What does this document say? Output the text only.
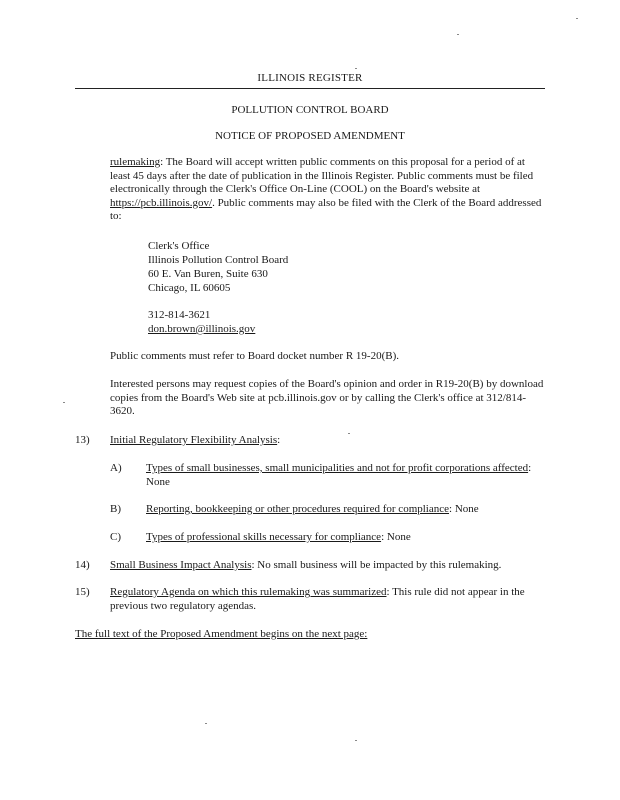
ILLINOIS REGISTER
POLLUTION CONTROL BOARD
NOTICE OF PROPOSED AMENDMENT
rulemaking: The Board will accept written public comments on this proposal for a period of at least 45 days after the date of publication in the Illinois Register. Public comments must be filed electronically through the Clerk's Office On-Line (COOL) on the Board's website at https://pcb.illinois.gov/. Public comments may also be filed with the Clerk of the Board addressed to:
Clerk's Office
Illinois Pollution Control Board
60 E. Van Buren, Suite 630
Chicago, IL 60605
312-814-3621
don.brown@illinois.gov
Public comments must refer to Board docket number R 19-20(B).
Interested persons may request copies of the Board's opinion and order in R19-20(B) by download copies from the Board's Web site at pcb.illinois.gov or by calling the Clerk's office at 312/814-3620.
13)	Initial Regulatory Flexibility Analysis:
A)	Types of small businesses, small municipalities and not for profit corporations affected: None
B)	Reporting, bookkeeping or other procedures required for compliance: None
C)	Types of professional skills necessary for compliance: None
14)	Small Business Impact Analysis: No small business will be impacted by this rulemaking.
15)	Regulatory Agenda on which this rulemaking was summarized: This rule did not appear in the previous two regulatory agendas.
The full text of the Proposed Amendment begins on the next page:
